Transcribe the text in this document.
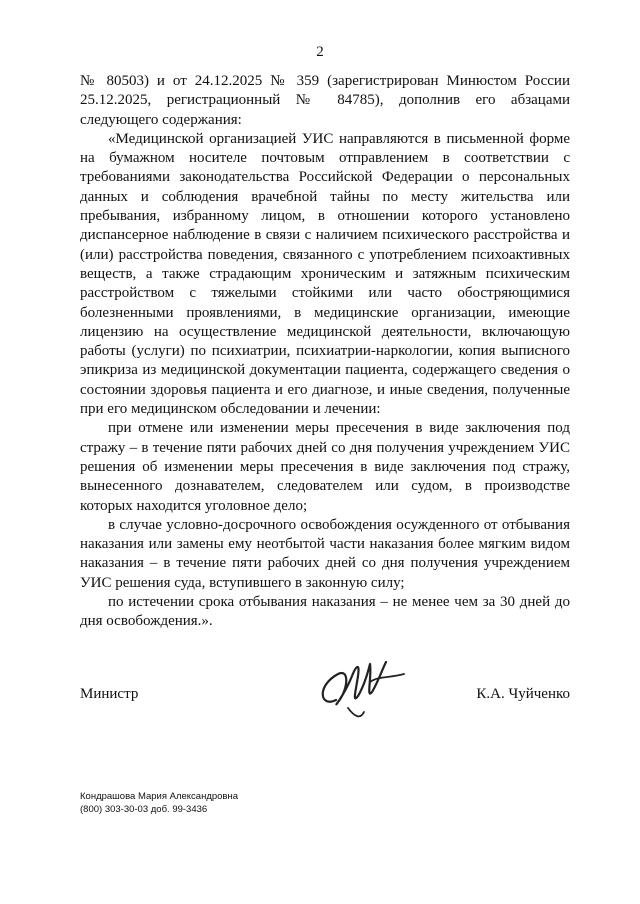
2

№ 80503) и от 24.12.2025 № 359 (зарегистрирован Минюстом России 25.12.2025, регистрационный № 84785), дополнив его абзацами следующего содержания:

«Медицинской организацией УИС направляются в письменной форме на бумажном носителе почтовым отправлением в соответствии с требованиями законодательства Российской Федерации о персональных данных и соблюдения врачебной тайны по месту жительства или пребывания, избранному лицом, в отношении которого установлено диспансерное наблюдение в связи с наличием психического расстройства и (или) расстройства поведения, связанного с употреблением психоактивных веществ, а также страдающим хроническим и затяжным психическим расстройством с тяжелыми стойкими или часто обостряющимися болезненными проявлениями, в медицинские организации, имеющие лицензию на осуществление медицинской деятельности, включающую работы (услуги) по психиатрии, психиатрии-наркологии, копия выписного эпикриза из медицинской документации пациента, содержащего сведения о состоянии здоровья пациента и его диагнозе, и иные сведения, полученные при его медицинском обследовании и лечении:

при отмене или изменении меры пресечения в виде заключения под стражу – в течение пяти рабочих дней со дня получения учреждением УИС решения об изменении меры пресечения в виде заключения под стражу, вынесенного дознавателем, следователем или судом, в производстве которых находится уголовное дело;

в случае условно-досрочного освобождения осужденного от отбывания наказания или замены ему неотбытой части наказания более мягким видом наказания – в течение пяти рабочих дней со дня получения учреждением УИС решения суда, вступившего в законную силу;

по истечении срока отбывания наказания – не менее чем за 30 дней до дня освобождения.».

Министр	К.А. Чуйченко
Кондрашова Мария Александровна
(800) 303-30-03 доб. 99-3436
